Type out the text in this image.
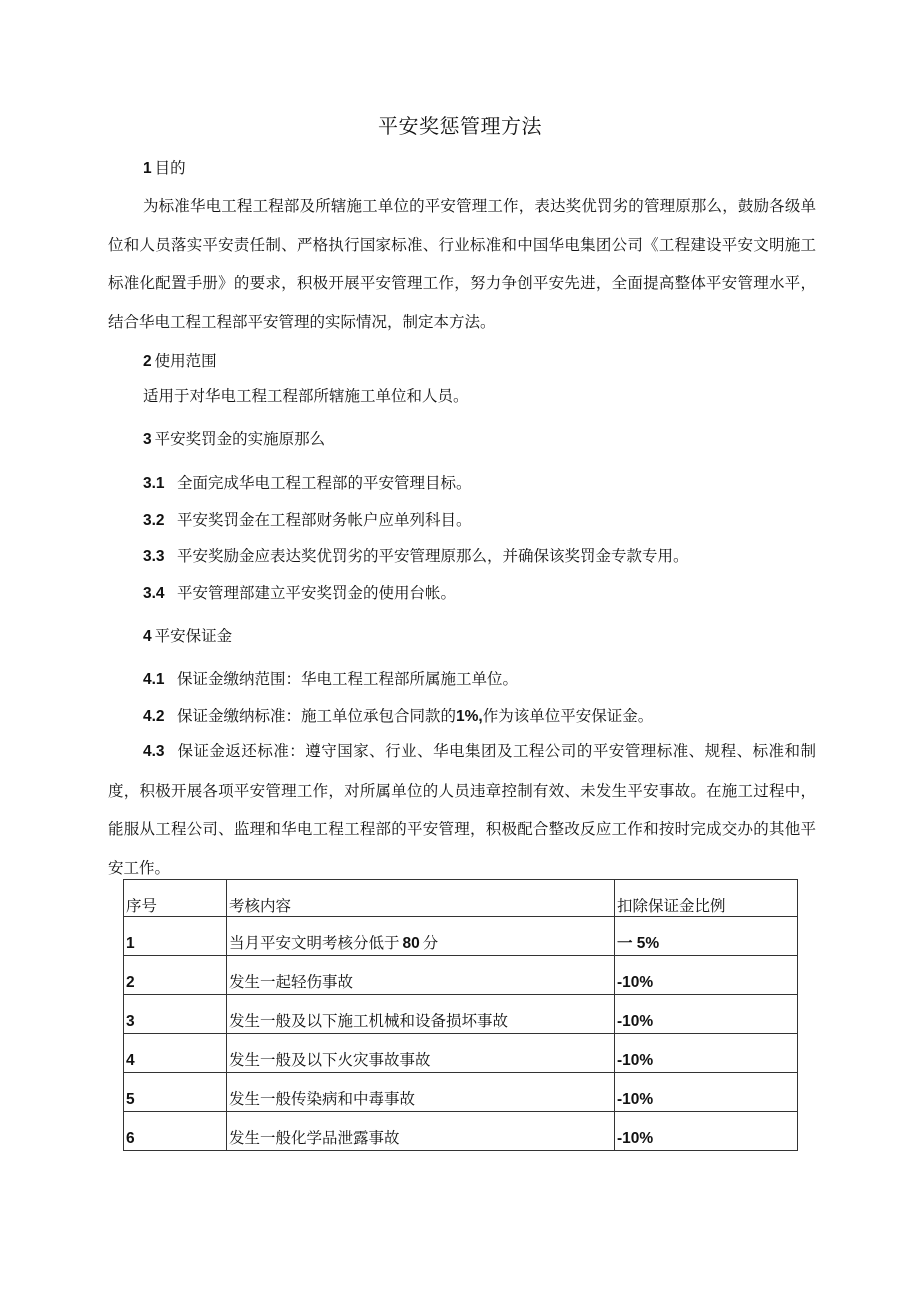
平安奖惩管理方法
1 目的
为标准华电工程工程部及所辖施工单位的平安管理工作，表达奖优罚劣的管理原那么，鼓励各级单位和人员落实平安责任制、严格执行国家标准、行业标准和中国华电集团公司《工程建设平安文明施工标准化配置手册》的要求，积极开展平安管理工作，努力争创平安先进，全面提高整体平安管理水平，结合华电工程工程部平安管理的实际情况，制定本方法。
2 使用范围
适用于对华电工程工程部所辖施工单位和人员。
3 平安奖罚金的实施原那么
3.1 全面完成华电工程工程部的平安管理目标。
3.2 平安奖罚金在工程部财务帐户应单列科目。
3.3 平安奖励金应表达奖优罚劣的平安管理原那么，并确保该奖罚金专款专用。
3.4 平安管理部建立平安奖罚金的使用台帐。
4 平安保证金
4.1 保证金缴纳范围：华电工程工程部所属施工单位。
4.2 保证金缴纳标准：施工单位承包合同款的1%,作为该单位平安保证金。
4.3 保证金返还标准：遵守国家、行业、华电集团及工程公司的平安管理标准、规程、标准和制度，积极开展各项平安管理工作，对所属单位的人员违章控制有效、未发生平安事故。在施工过程中，能服从工程公司、监理和华电工程工程部的平安管理，积极配合整改反应工作和按时完成交办的其他平安工作。
序号	考核内容	扣除保证金比例
1	当月平安文明考核分低于 80 分	一 5%
2	发生一起轻伤事故	-10%
3	发生一般及以下施工机械和设备损坏事故	-10%
4	发生一般及以下火灾事故事故	-10%
5	发生一般传染病和中毒事故	-10%
6	发生一般化学品泄露事故	-10%
